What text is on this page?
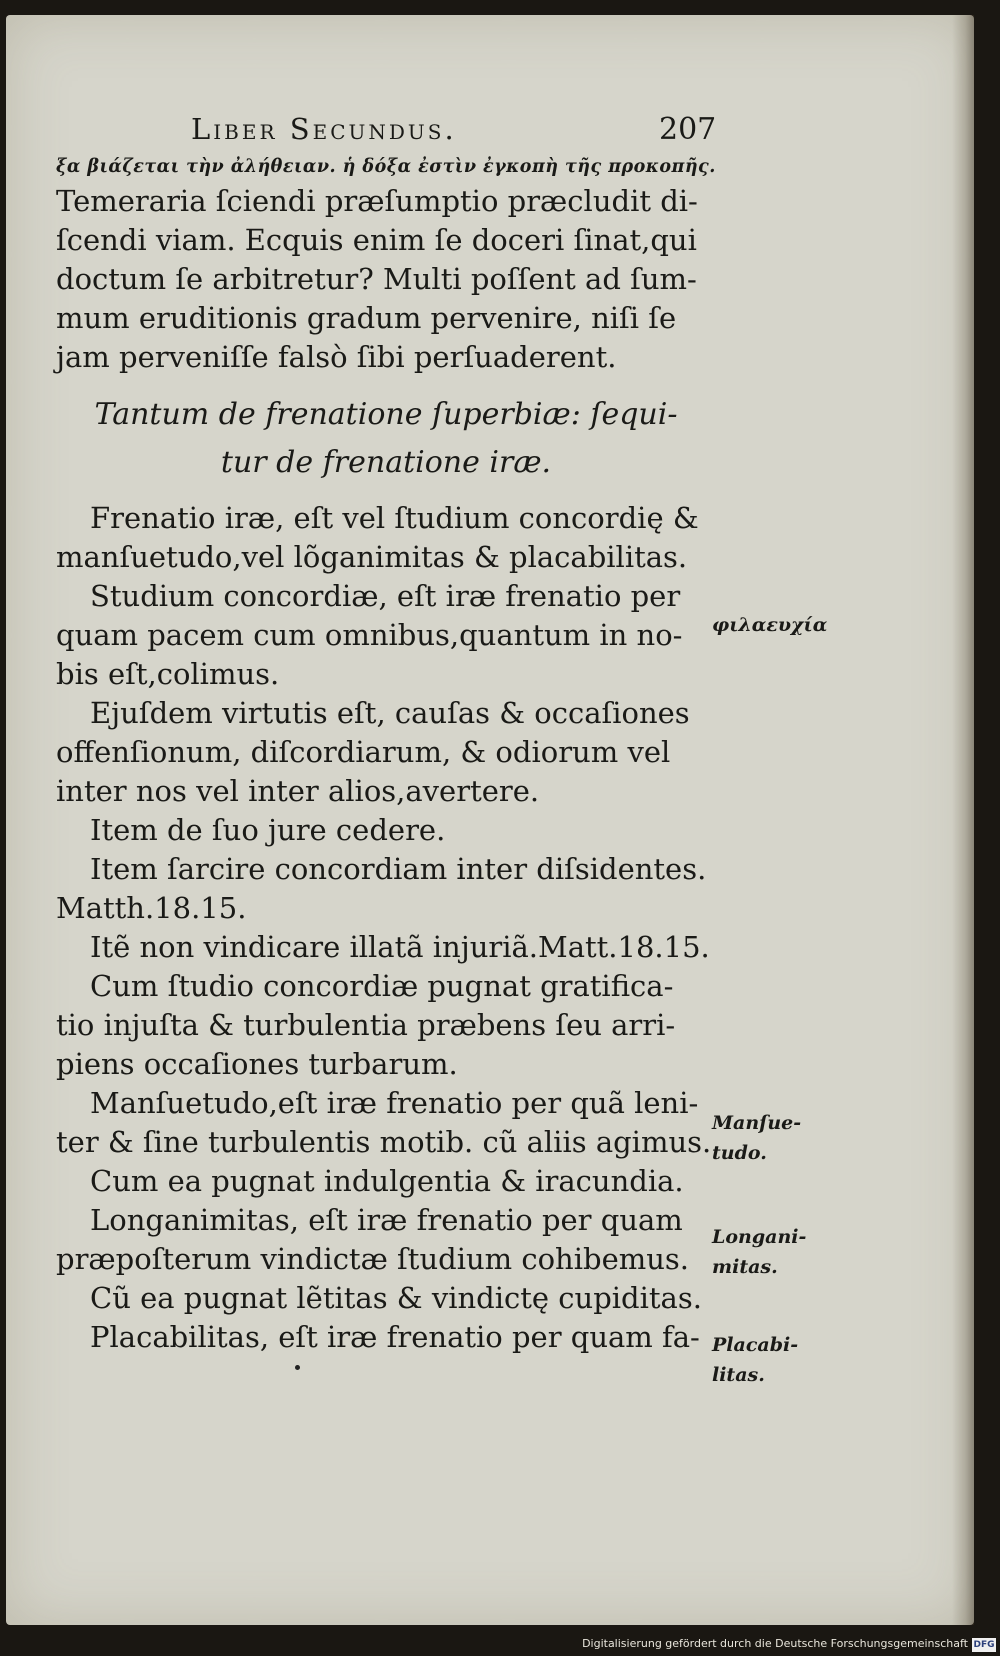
Liber Secundus.	207
ξα βιάζεται τὴν ἀλήθειαν. ἡ δόξα ἐστὶν ἐγκοπὴ τῆς προκοπῆς.
Temeraria ſciendi præſumptio præcludit di-
ſcendi viam. Ecquis enim ſe doceri ſinat,qui
doctum ſe arbitretur? Multi poſſent ad ſum-
mum eruditionis gradum pervenire, niſi ſe
jam perveniſſe falsò ſibi perſuaderent.
Tantum de frenatione ſuperbiæ: ſequi-
tur de frenatione iræ.
Frenatio iræ, eſt vel ſtudium concordię &
manſuetudo,vel lõganimitas & placabilitas.
Studium concordiæ, eſt iræ frenatio per
quam pacem cum omnibus,quantum in no-
bis eſt,colimus.
Ejuſdem virtutis eſt, cauſas & occaſiones
offenſionum, diſcordiarum, & odiorum vel
inter nos vel inter alios,avertere.
Item de ſuo jure cedere.
Item ſarcire concordiam inter diſsidentes.
Matth.18.15.
Itẽ non vindicare illatã injuriã.Matt.18.15.
Cum ſtudio concordiæ pugnat gratifica-
tio injuſta & turbulentia præbens ſeu arri-
piens occaſiones turbarum.
Manſuetudo,eſt iræ frenatio per quã leni-
ter & ſine turbulentis motib. cũ aliis agimus.
Cum ea pugnat indulgentia & iracundia.
Longanimitas, eſt iræ frenatio per quam
præpoſterum vindictæ ſtudium cohibemus.
Cũ ea pugnat lẽtitas & vindictę cupiditas.
Placabilitas, eſt iræ frenatio per quam fa-
φιλαευχία
Manſue-
tudo.
Longani-
mitas.
Placabi-
litas.
Digitalisierung gefördert durch die Deutsche Forschungsgemeinschaft DFG
